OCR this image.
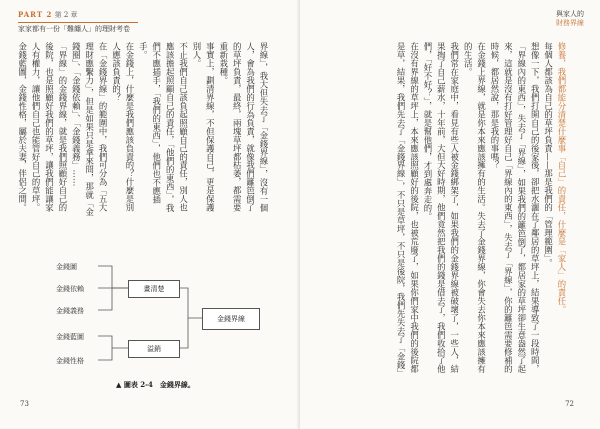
PART 2 第 2 章
家家都有一份「難纏人」的理財考卷

界線」，我大但失去了「金錢界線」，沒有一個人，會為我們的行為負責，就像我們籬笆倒了的草坪負責，最終，兩塊草坪都枯萎，都需要重新栽種。

事實上，劃清界線，不但保護自己，更是保護別人。

不止我們自己該負起照顧自己的責任，別人也應該擔起照顧自己的責任，「他們的東西」，我們不應插手，「我們的東西」，他們也不應插手。

在金錢上，什麼是我們應該負責的？什麼是別人應該負責的？

在「金錢界線」的範圍中，我們可分為「五大理財應繫力」，但是如果只是拿來問，那就「金錢圈」、「金錢依賴」、「金錢義務」……

「界線」的金錢界線，就是我們照顧好自己的後院，也是照顧好我們的草坪，讓我們能讓家人有權力，讓他們自己也能管好自己的草坪。

金錢藍圖，金錢性格，屬於夫妻，伴侶之間。

金錢圖
金錢依賴
金錢義務
金錢藍圖
金錢性格
畫清楚
溢銷
金錢界線
▲ 圖表 2-4　金錢界線。
73
與家人的
財務界線

修養，我們都能分清楚什麼事「自己」的責任，什麼是「家人」的責任。

每個人都該為自己的草坪負責——那是我們的「管理範圍」。

想像一下，我們打開自己的後家後，卻把水灑在了鄰居的草坪上，結果導致了一段時間，「界線內的東西」，失去了「界線」，如果我們的籬笆倒了，都居家的草坪卻生意盎然了起來，這就是沒有打好管理好自己「界線內的東西」，失去了「界線」，你的籬笆需要修補的時候，都居然說，那是我的事嗎？

在金錢上界線，就是你本來應該擁有的生活。失去了金錢界線，你會失去你本來應該擁有的生活。

我們常在家庭中，看見有些人被金錢綁架了，如果我們的金錢界線被破壞了，一些人，結果掏了自己薪水，十年前，大但大好時期，他們竟然把我們的錢是借去了，我們收拾了他們，「好不好？」，就是幫他們，才到處奔走的。

在沒有界線的草坪上，本來應該照顧好的後院，也被荒廢了，如果你們家中我們的後院都是草，結果，我們先去了「金錢界線」，不只是草坪，不只是後院，我們先失去了「金錢」

72
